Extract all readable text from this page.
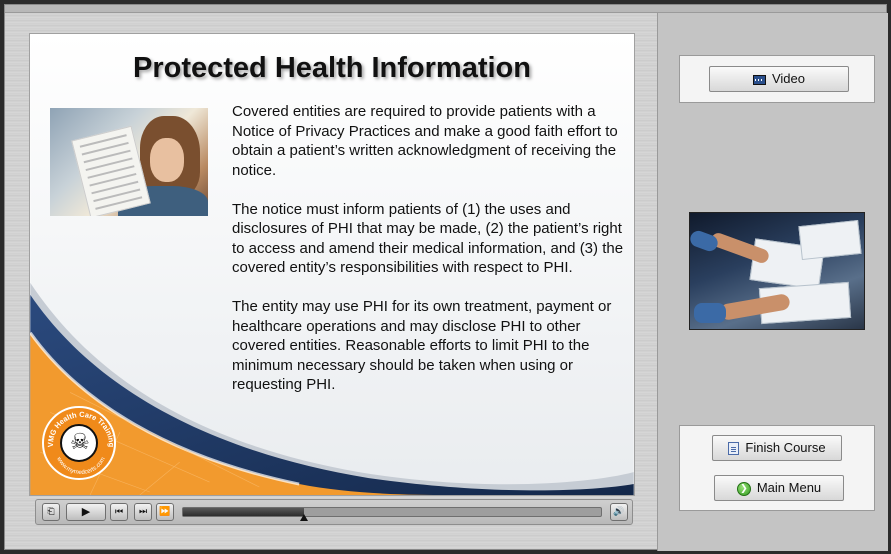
Protected Health Information

Covered entities are required to provide patients with a Notice of Privacy Practices and make a good faith effort to obtain a patient’s written acknowledgment of receiving the notice.

The notice must inform patients of (1) the uses and disclosures of PHI that may be made, (2) the patient’s right to access and amend their medical information, and (3) the covered entity’s responsibilities with respect to PHI.

The entity may use PHI for its own treatment, payment or healthcare operations and may disclose PHI to other covered entities. Reasonable efforts to limit PHI to the minimum necessary should be taken when using or requesting PHI.

VMG Health Care Training
www.mymedcerts.com
☠
⎗	▶	⏮	⏭	⏩	🔊
Video
Finish Course
❯ Main Menu
